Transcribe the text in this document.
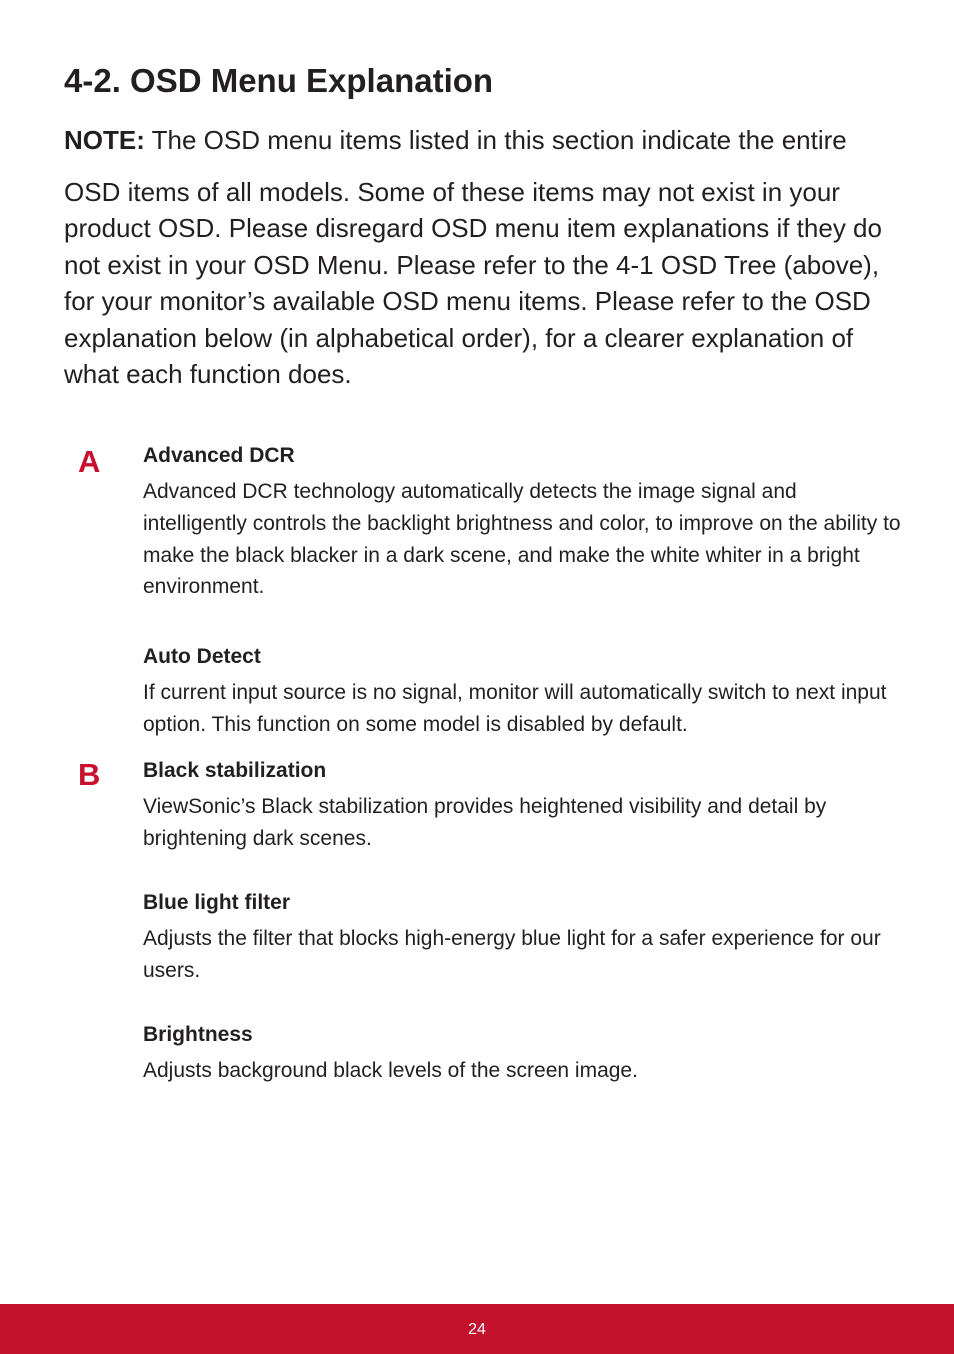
4-2. OSD Menu Explanation
NOTE: The OSD menu items listed in this section indicate the entire

OSD items of all models. Some of these items may not exist in your product OSD. Please disregard OSD menu item explanations if they do not exist in your OSD Menu. Please refer to the 4-1 OSD Tree (above), for your monitor’s available OSD menu items. Please refer to the OSD explanation below (in alphabetical order), for a clearer explanation of what each function does.

A Advanced DCR

Advanced DCR technology automatically detects the image signal and intelligently controls the backlight brightness and color, to improve on the ability to make the black blacker in a dark scene, and make the white whiter in a bright environment.

Auto Detect

If current input source is no signal, monitor will automatically switch to next input option. This function on some model is disabled by default.

B Black stabilization

ViewSonic’s Black stabilization provides heightened visibility and detail by brightening dark scenes.

Blue light filter

Adjusts the filter that blocks high-energy blue light for a safer experience for our users.

Brightness

Adjusts background black levels of the screen image.

24
